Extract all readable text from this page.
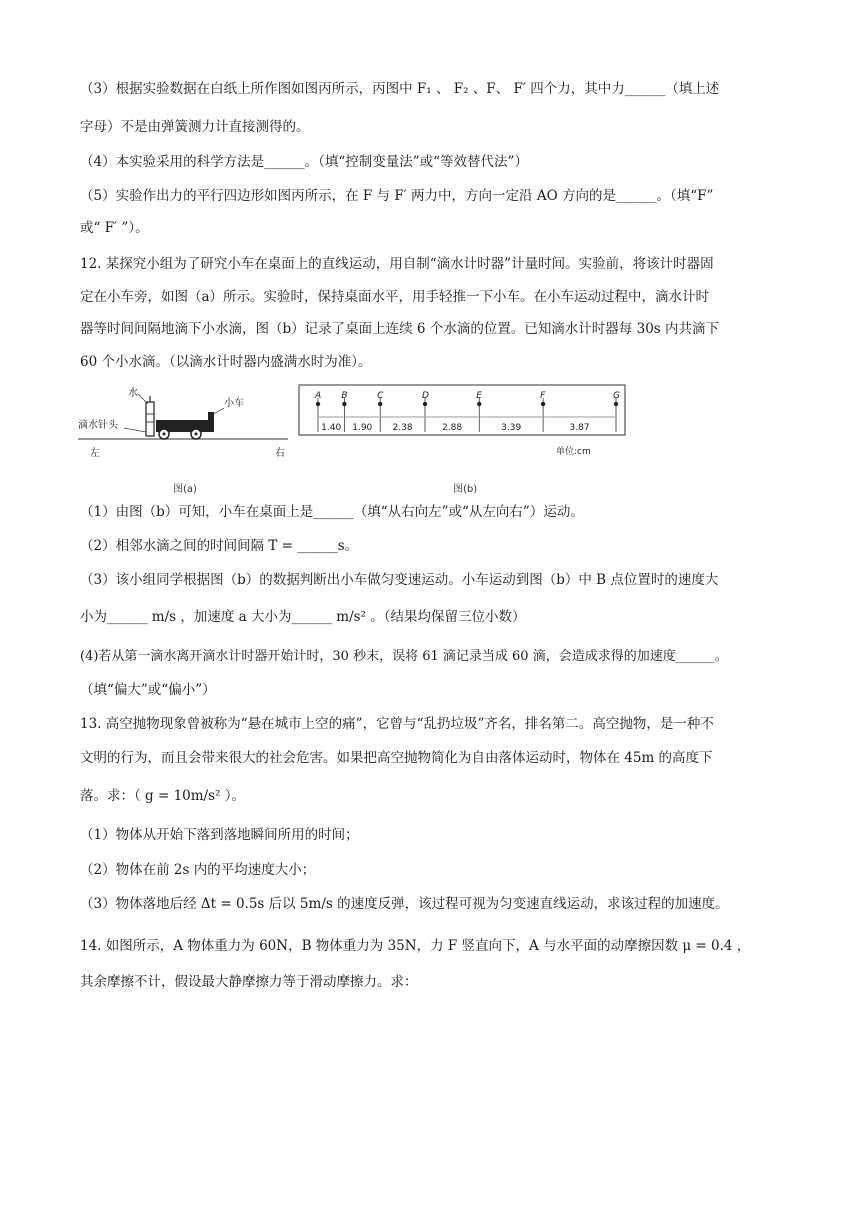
（3）根据实验数据在白纸上所作图如图丙所示，丙图中 F₁ 、 F₂ 、F、 F′ 四个力，其中力______（填上述
字母）不是由弹簧测力计直接测得的。
（4）本实验采用的科学方法是______。（填“控制变量法”或“等效替代法”）
（5）实验作出力的平行四边形如图丙所示，在 F 与 F′ 两力中，方向一定沿 AO 方向的是______。（填“F”
或“ F′ ”）。
12. 某探究小组为了研究小车在桌面上的直线运动，用自制“滴水计时器”计量时间。实验前，将该计时器固
定在小车旁，如图（a）所示。实验时，保持桌面水平，用手轻推一下小车。在小车运动过程中，滴水计时
器等时间间隔地滴下小水滴，图（b）记录了桌面上连续 6 个水滴的位置。已知滴水计时器每 30s 内共滴下
60 个小水滴。（以滴水计时器内盛满水时为准）。
水
小车
滴水针头
左	右
图(a)
单位:cm
A B	C	D	E	F	G
1.40 1.90 2.38	2.88	3.39	3.87
图(b)
（1）由图（b）可知，小车在桌面上是______（填“从右向左”或“从左向右”）运动。
（2）相邻水滴之间的时间间隔 T = ______s。
（3）该小组同学根据图（b）的数据判断出小车做匀变速运动。小车运动到图（b）中 B 点位置时的速度大
小为______ m/s ，加速度 a 大小为______ m/s² 。（结果均保留三位小数）
(4)若从第一滴水离开滴水计时器开始计时，30 秒末，误将 61 滴记录当成 60 滴，会造成求得的加速度______。
（填“偏大”或“偏小”）
13. 高空抛物现象曾被称为“悬在城市上空的痛”，它曾与“乱扔垃圾”齐名，排名第二。高空抛物，是一种不
文明的行为，而且会带来很大的社会危害。如果把高空抛物简化为自由落体运动时，物体在 45m 的高度下
落。求：（ g = 10m/s² ）。
（1）物体从开始下落到落地瞬间所用的时间；
（2）物体在前 2s 内的平均速度大小；
（3）物体落地后经 Δt = 0.5s 后以 5m/s 的速度反弹，该过程可视为匀变速直线运动，求该过程的加速度。
14. 如图所示，A 物体重力为 60N，B 物体重力为 35N，力 F 竖直向下，A 与水平面的动摩擦因数 μ = 0.4 ，
其余摩擦不计，假设最大静摩擦力等于滑动摩擦力。求：
